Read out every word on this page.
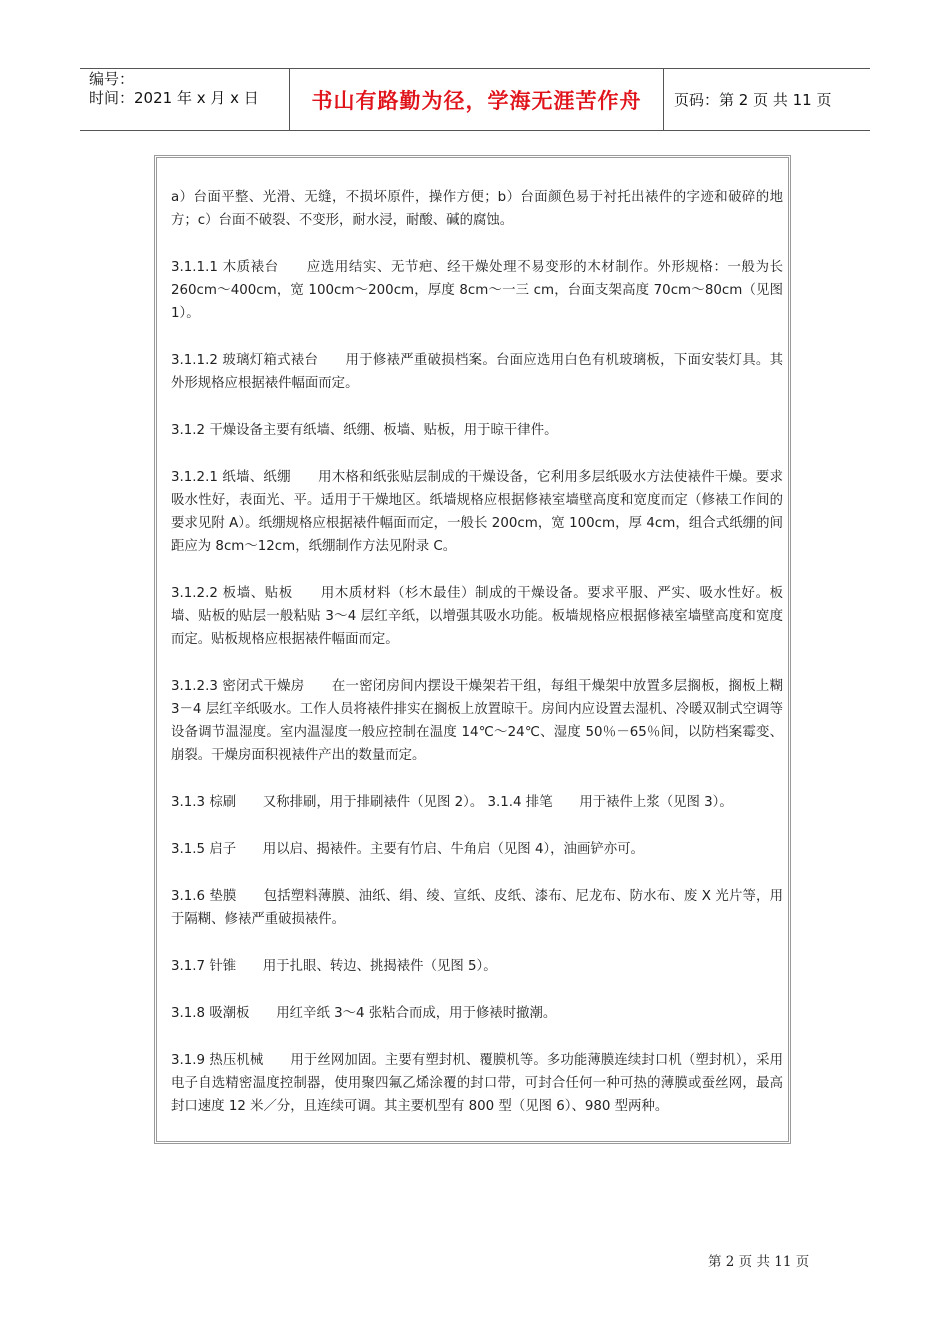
编号：
时间：2021 年 x 月 x 日	书山有路勤为径，学海无涯苦作舟	页码：第 2 页 共 11 页

a）台面平整、光滑、无缝，不损坏原件，操作方便；b）台面颜色易于衬托出裱件的字迹和破碎的地方；c）台面不破裂、不变形，耐水浸，耐酸、碱的腐蚀。

3.1.1.1 木质裱台　　应选用结实、无节疤、经干燥处理不易变形的木材制作。外形规格：一般为长 260cm～400cm，宽 100cm～200cm，厚度 8cm～一三 cm，台面支架高度 70cm～80cm（见图 1）。

3.1.1.2 玻璃灯箱式裱台　　用于修裱严重破损档案。台面应选用白色有机玻璃板，下面安装灯具。其外形规格应根据裱件幅面而定。

3.1.2 干燥设备主要有纸墙、纸绷、板墙、贴板，用于晾干律件。

3.1.2.1 纸墙、纸绷　　用木格和纸张贴层制成的干燥设备，它利用多层纸吸水方法使裱件干燥。要求吸水性好，表面光、平。适用于干燥地区。纸墙规格应根据修裱室墙壁高度和宽度而定（修裱工作间的要求见附 A）。纸绷规格应根据裱件幅面而定，一般长 200cm，宽 100cm，厚 4cm，组合式纸绷的间距应为 8cm～12cm，纸绷制作方法见附录 C。

3.1.2.2 板墙、贴板　　用木质材料（杉木最佳）制成的干燥设备。要求平服、严实、吸水性好。板墙、贴板的贴层一般粘贴 3～4 层红辛纸，以增强其吸水功能。板墙规格应根据修裱室墙壁高度和宽度而定。贴板规格应根据裱件幅面而定。

3.1.2.3 密闭式干燥房　　在一密闭房间内摆设干燥架若干组，每组干燥架中放置多层搁板，搁板上糊 3－4 层红辛纸吸水。工作人员将裱件排实在搁板上放置晾干。房间内应设置去湿机、冷暖双制式空调等设备调节温湿度。室内温湿度一般应控制在温度 14℃～24℃、湿度 50％－65％间，以防档案霉变、崩裂。干燥房面积视裱件产出的数量而定。

3.1.3 棕刷　　又称排刷，用于排刷裱件（见图 2）。 3.1.4 排笔　　用于裱件上浆（见图 3）。

3.1.5 启子　　用以启、揭裱件。主要有竹启、牛角启（见图 4），油画铲亦可。

3.1.6 垫膜　　包括塑料薄膜、油纸、绢、绫、宣纸、皮纸、漆布、尼龙布、防水布、废 X 光片等，用于隔糊、修裱严重破损裱件。

3.1.7 针锥　　用于扎眼、转边、挑揭裱件（见图 5）。

3.1.8 吸潮板　　用红辛纸 3～4 张粘合而成，用于修裱时撤潮。

3.1.9 热压机械　　用于丝网加固。主要有塑封机、覆膜机等。多功能薄膜连续封口机（塑封机），采用电子自选精密温度控制器，使用聚四氟乙烯涂覆的封口带，可封合任何一种可热的薄膜或蚕丝网，最高封口速度 12 米／分，且连续可调。其主要机型有 800 型（见图 6）、980 型两种。

第 2 页 共 11 页
